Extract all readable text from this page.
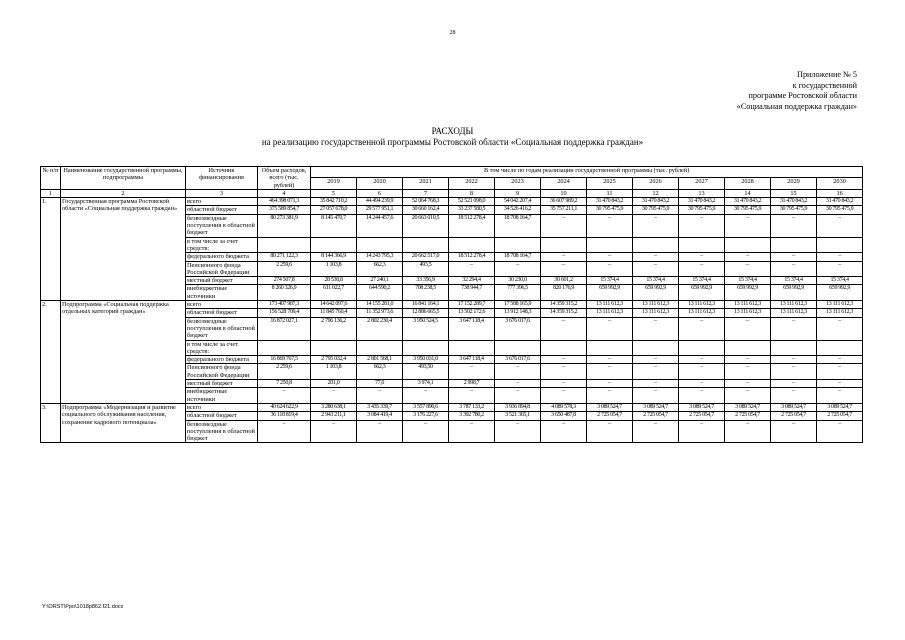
28
Приложение № 5
к государственной
программе Ростовской области
«Социальная поддержка граждан»
РАСХОДЫ
на реализацию государственной программы Ростовской области «Социальная поддержка граждан»
№ п/п	Наименование государственной программы, подпрограммы	Источник финансирования	Объем расходов, всего (тыс. рублей)	В том числе по годам реализации государственной программы (тыс. рублей)											
				2019	2020	2021	2022	2023	2024	2025	2026	2027	2028	2029	2030
1	2	3	4	5	6	7	8	9	10	11	12	13	14	15	16
1.	Государственная программа Ростовской области «Социальная поддержка граждан»	всего	464 398 071,3	35 842 710,2	44 494 239,9	52 064 768,3	52 521 098,0	54 042 207,4	36 607 989,2	31 470 843,2	31 470 843,2	31 470 843,2	31 470 843,2	31 470 843,2	31 470 843,2
		областной бюджет	375 589 854,7	27 057 678,0	29 577 951,1	30 660 162,4	33 237 580,5	34 526 416,2	35 757 211,1	30 795 475,9	30 795 475,9	30 795 475,9	30 795 475,9	30 795 475,9	30 795 475,9
		безвозмездные поступления в областной бюджет	80 273 381,9	8 145 470,7	14 244 457,6	20 663 010,5	18 512 278,4	18 708 164,7	–	–	–	–	–	–	–
		в том числе за счет средств:													
		федерального бюджета	80 271 122,3	8 144 366,9	14 243 795,3	20 662 517,0	18 512 278,4	18 708 164,7	–	–	–	–	–	–	–
		Пенсионного фонда Российской Федерации	2 259,6	1 103,8	662,3	493,5	–	–	–	–	–	–	–	–	–
		местный бюджет	274 507,8	28 538,8	27 240,1	33 356,9	32 294,4	30 230,0	30 601,2	15 374,4	15 374,4	15 374,4	15 374,4	15 374,4	15 374,4
		внебюджетные источники	8 260 326,9	611 022,7	644 590,2	708 238,5	738 944,7	777 396,5	820 176,9	659 992,9	659 992,9	659 992,9	659 992,9	659 992,9	659 992,9
2.	Подпрограмма «Социальная поддержка отдельных категорий граждан»	всего	173 407 987,3	14 642 097,6	14 155 281,0	16 841 164,1	17 152 289,7	17 588 165,9	14 359 315,2	13 111 612,3	13 111 612,3	13 111 612,3	13 111 612,3	13 111 612,3	13 111 612,3
		областной бюджет	156 528 709,4	11 845 760,4	11 352 973,6	12 886 665,5	13 502 172,6	13 912 148,3	14 359 315,2	13 111 612,3	13 111 612,3	13 111 612,3	13 111 612,3	13 111 612,3	13 111 612,3
		безвозмездные поступления в областной бюджет	16 872 027,1	2 796 136,2	2 802 230,4	3 950 524,5	3 647 118,4	3 676 017,6	–	–	–	–	–	–	–
		в том числе за счет средств:													
		федерального бюджета	16 869 767,5	2 795 032,4	2 801 568,1	3 950 031,0	3 647 118,4	3 676 017,6	–	–	–	–	–	–	–
		Пенсионного фонда Российской Федерации	2 259,6	1 103,8	662,3	493,50	–	–	–	–	–	–	–	–	–
		местный бюджет	7 250,8	201,0	77,0	3 974,1	2 998,7	–	–	–	–	–	–	–	–
		внебюджетные источники	–	–	–	–	–	–	–	–	–	–	–	–	–
3.	Подпрограмма «Модернизация и развитие социального обслуживания населения, сохранение кадрового потенциала»	всего	40 624 622,9	3 280 638,1	3 435 339,7	3 557 890,6	3 787 133,2	3 936 894,8	4 089 578,3	3 089 524,7	3 089 524,7	3 089 524,7	3 089 524,7	3 089 524,7	3 089 524,7
		областной бюджет	36 118 819,4	2 943 211,1	3 084 419,4	3 176 227,6	3 392 780,2	3 521 365,1	3 650 487,8	2 725 054,7	2 725 054,7	2 725 054,7	2 725 054,7	2 725 054,7	2 725 054,7
		безвозмездные поступления в областной бюджет	–	–	–	–	–	–	–	–	–	–	–	–	–
Y:\ORST\Ppo\1018p862.f21.docx
